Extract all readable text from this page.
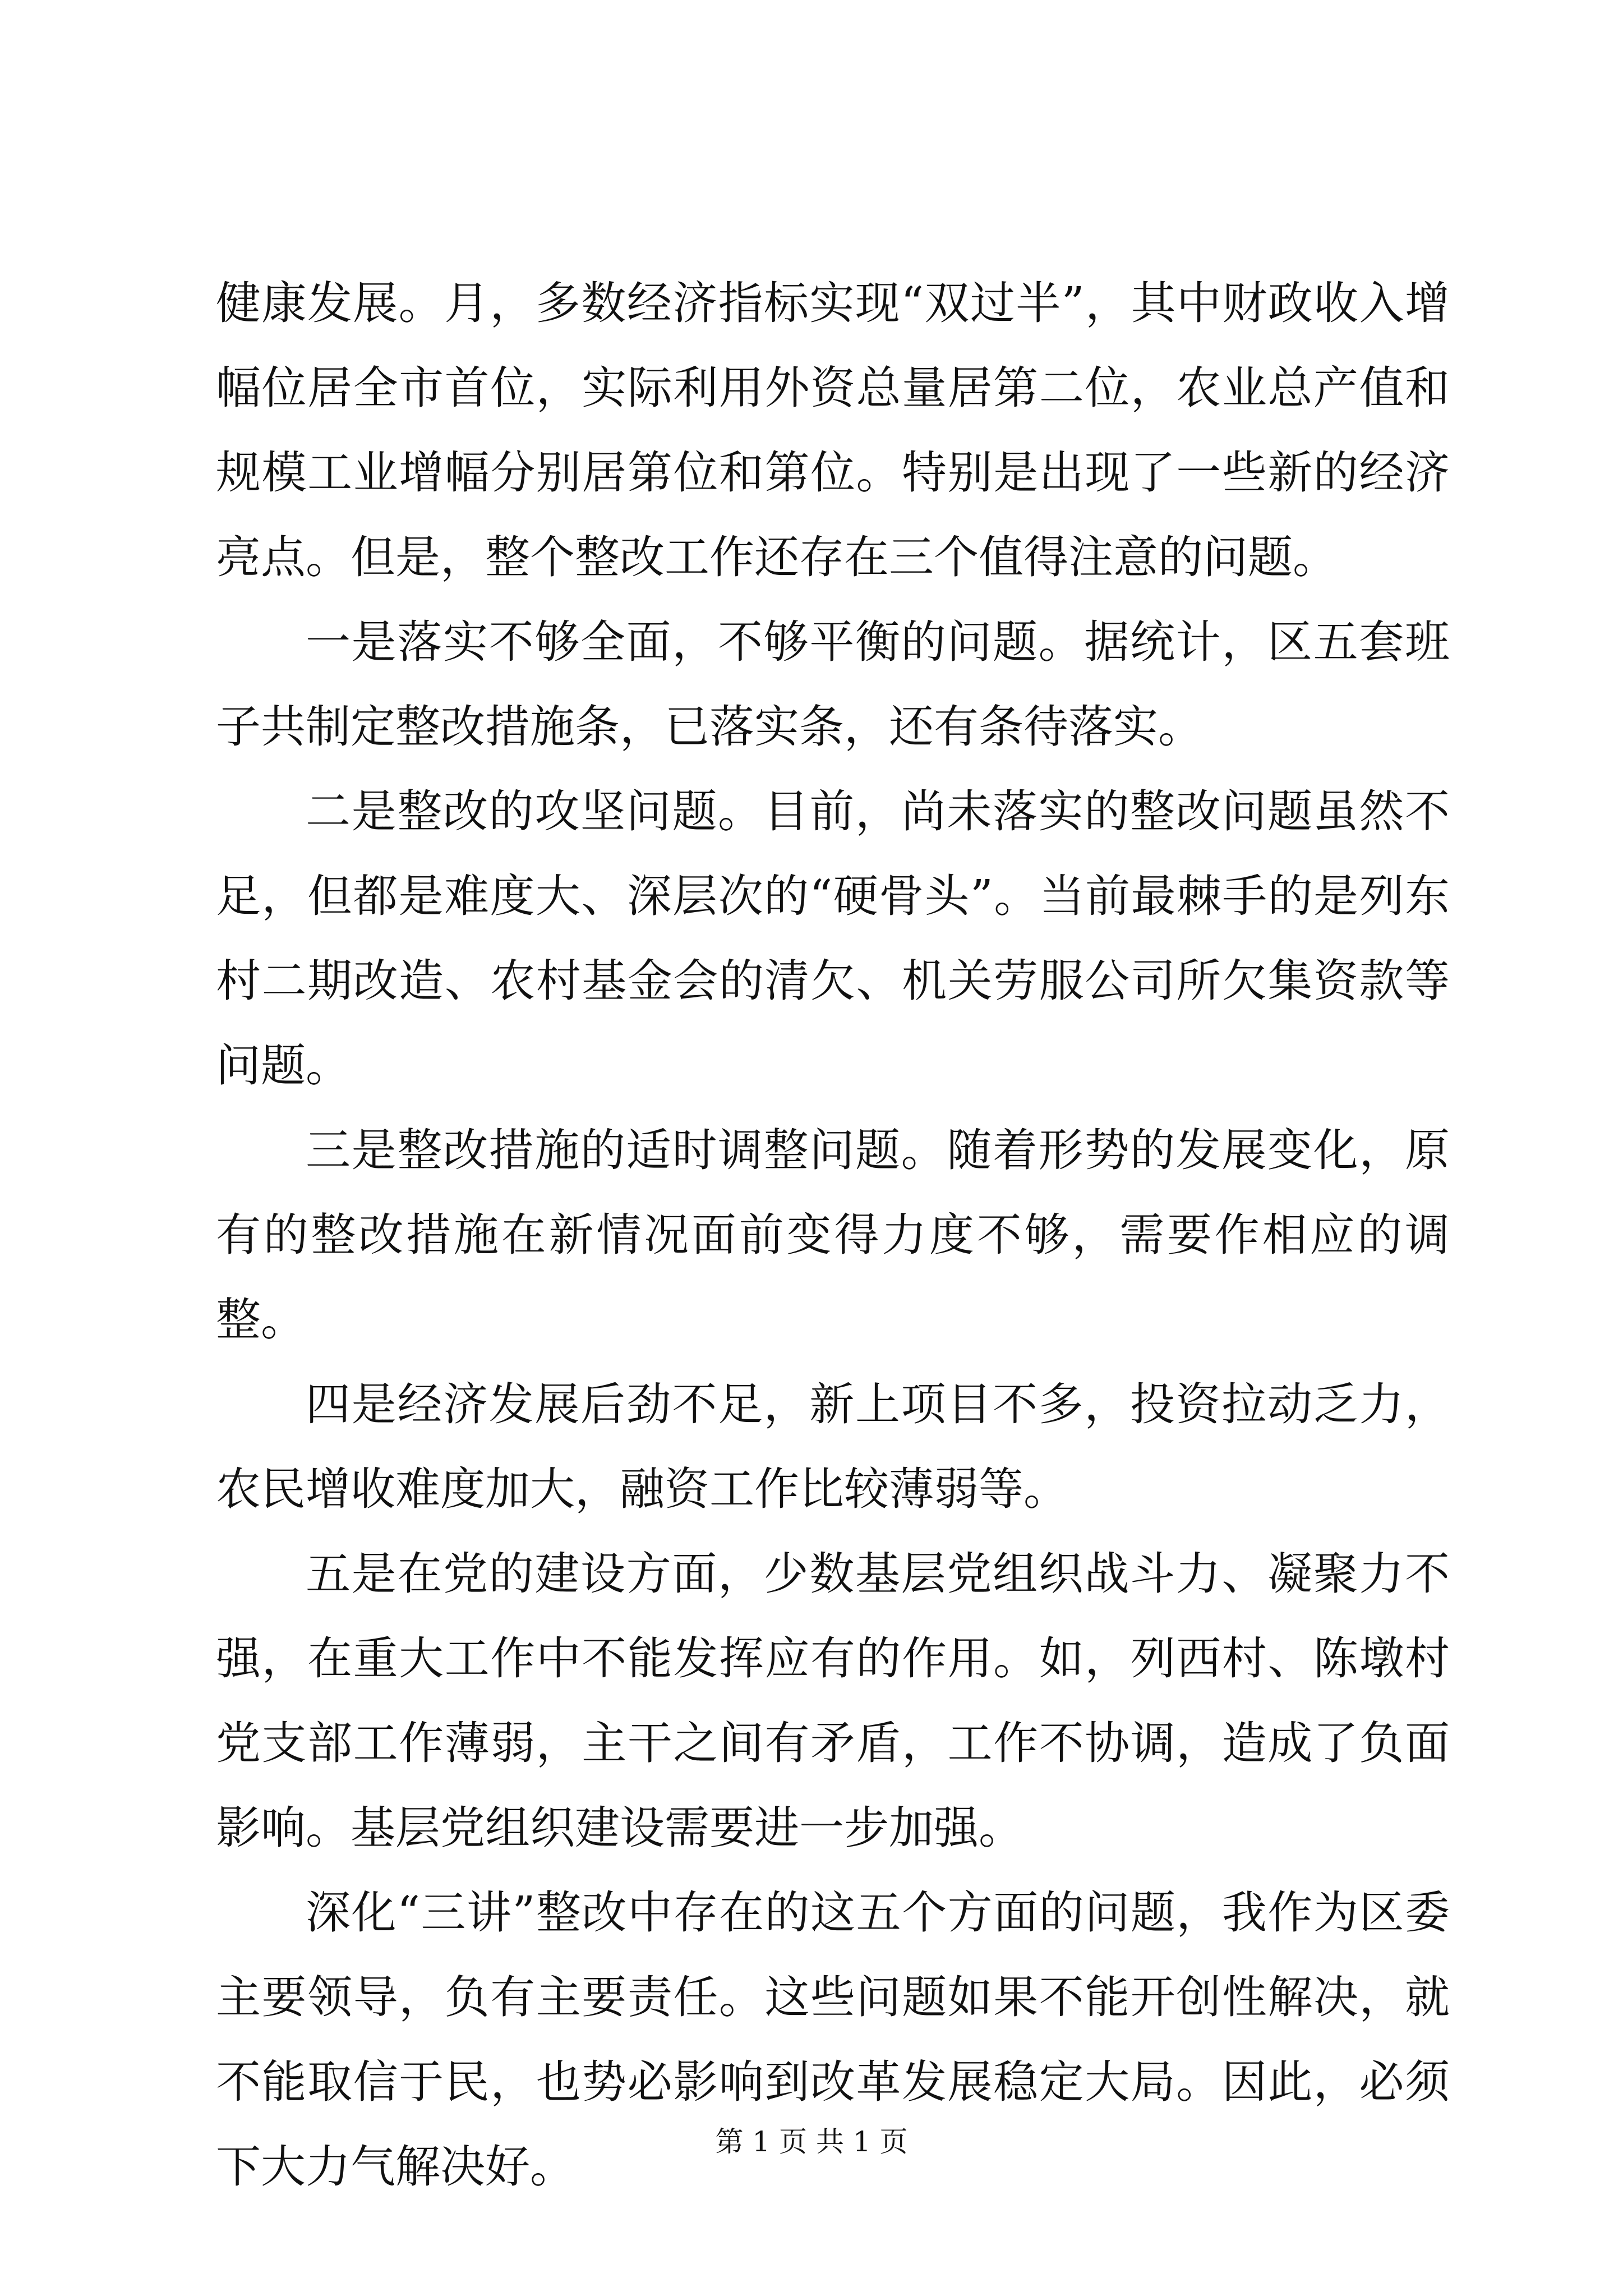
健康发展。月，多数经济指标实现“双过半”，其中财政收入增幅位居全市首位，实际利用外资总量居第二位，农业总产值和规模工业增幅分别居第位和第位。特别是出现了一些新的经济亮点。但是，整个整改工作还存在三个值得注意的问题。

一是落实不够全面，不够平衡的问题。据统计，区五套班子共制定整改措施条，已落实条，还有条待落实。

二是整改的攻坚问题。目前，尚未落实的整改问题虽然不足，但都是难度大、深层次的“硬骨头”。当前最棘手的是列东村二期改造、农村基金会的清欠、机关劳服公司所欠集资款等问题。

三是整改措施的适时调整问题。随着形势的发展变化，原有的整改措施在新情况面前变得力度不够，需要作相应的调整。

四是经济发展后劲不足，新上项目不多，投资拉动乏力，农民增收难度加大，融资工作比较薄弱等。

五是在党的建设方面，少数基层党组织战斗力、凝聚力不强，在重大工作中不能发挥应有的作用。如，列西村、陈墩村党支部工作薄弱，主干之间有矛盾，工作不协调，造成了负面影响。基层党组织建设需要进一步加强。

深化“三讲”整改中存在的这五个方面的问题，我作为区委主要领导，负有主要责任。这些问题如果不能开创性解决，就不能取信于民，也势必影响到改革发展稳定大局。因此，必须下大力气解决好。	第 1 页 共 1 页
